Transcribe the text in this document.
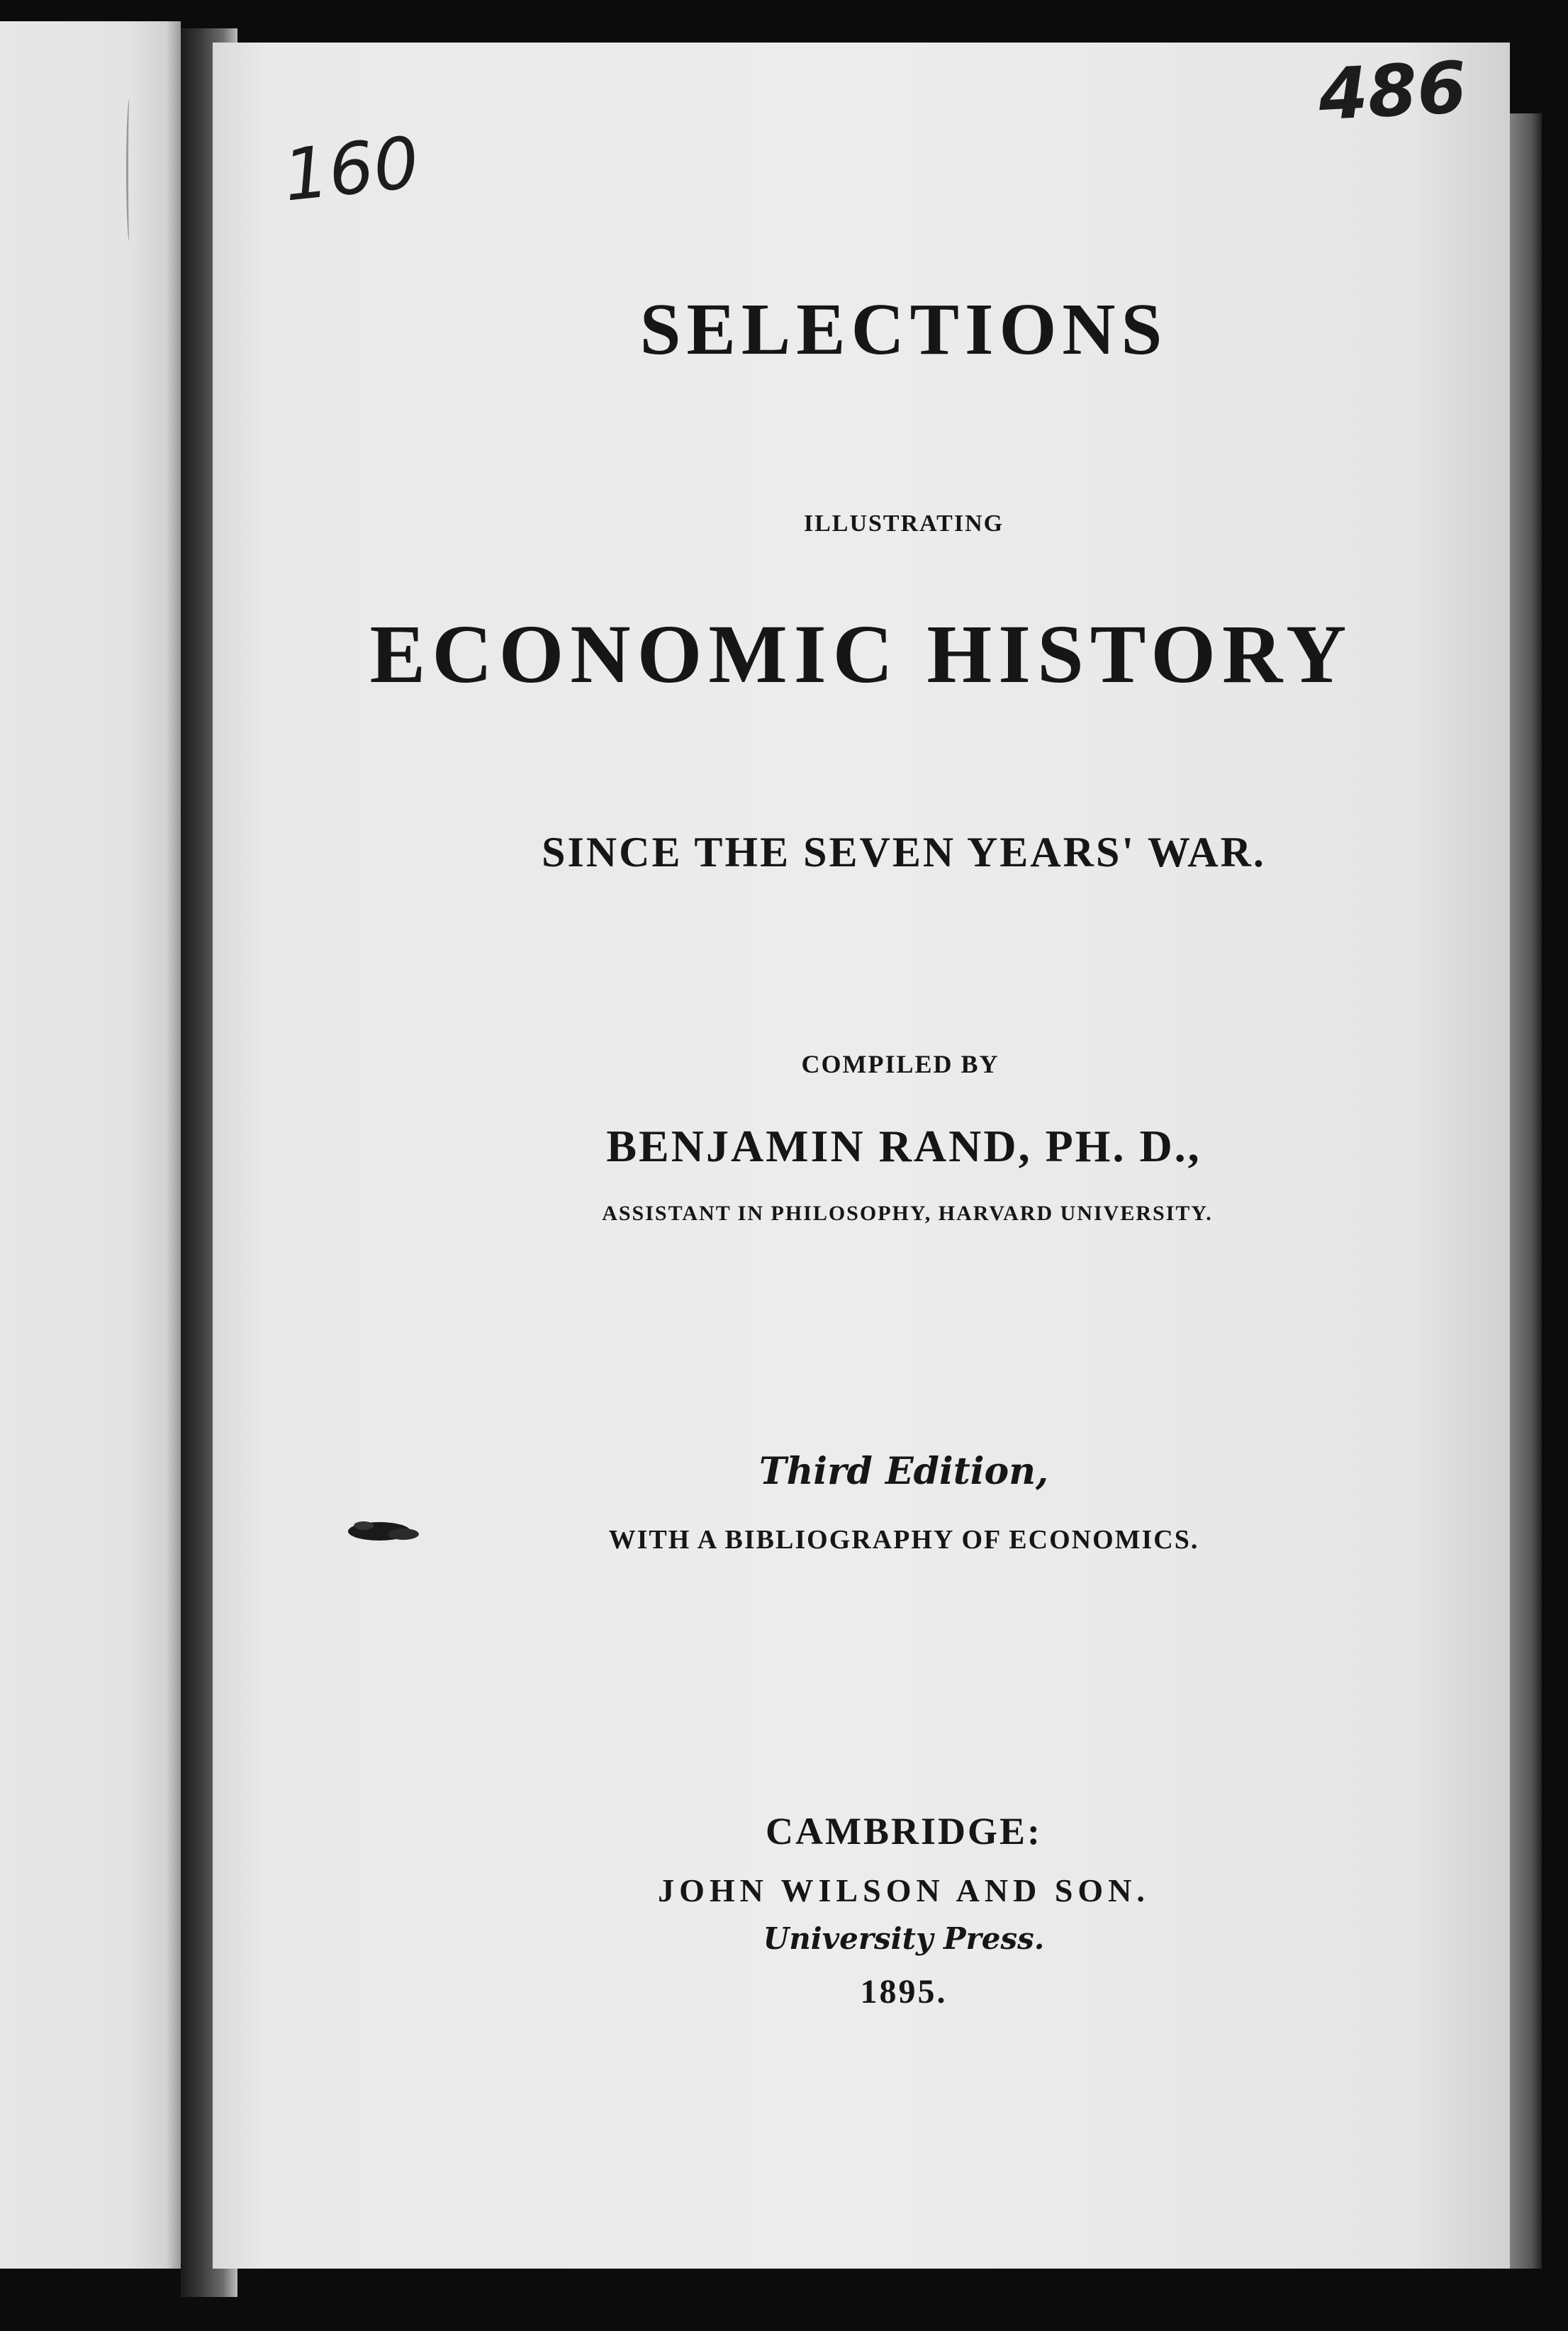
160
486
SELECTIONS
ILLUSTRATING
ECONOMIC HISTORY
SINCE THE SEVEN YEARS' WAR.
COMPILED BY
BENJAMIN RAND, PH. D.,
ASSISTANT IN PHILOSOPHY, HARVARD UNIVERSITY.
Third Edition,
WITH A BIBLIOGRAPHY OF ECONOMICS.
CAMBRIDGE:
JOHN WILSON AND SON.
University Press.
1895.
